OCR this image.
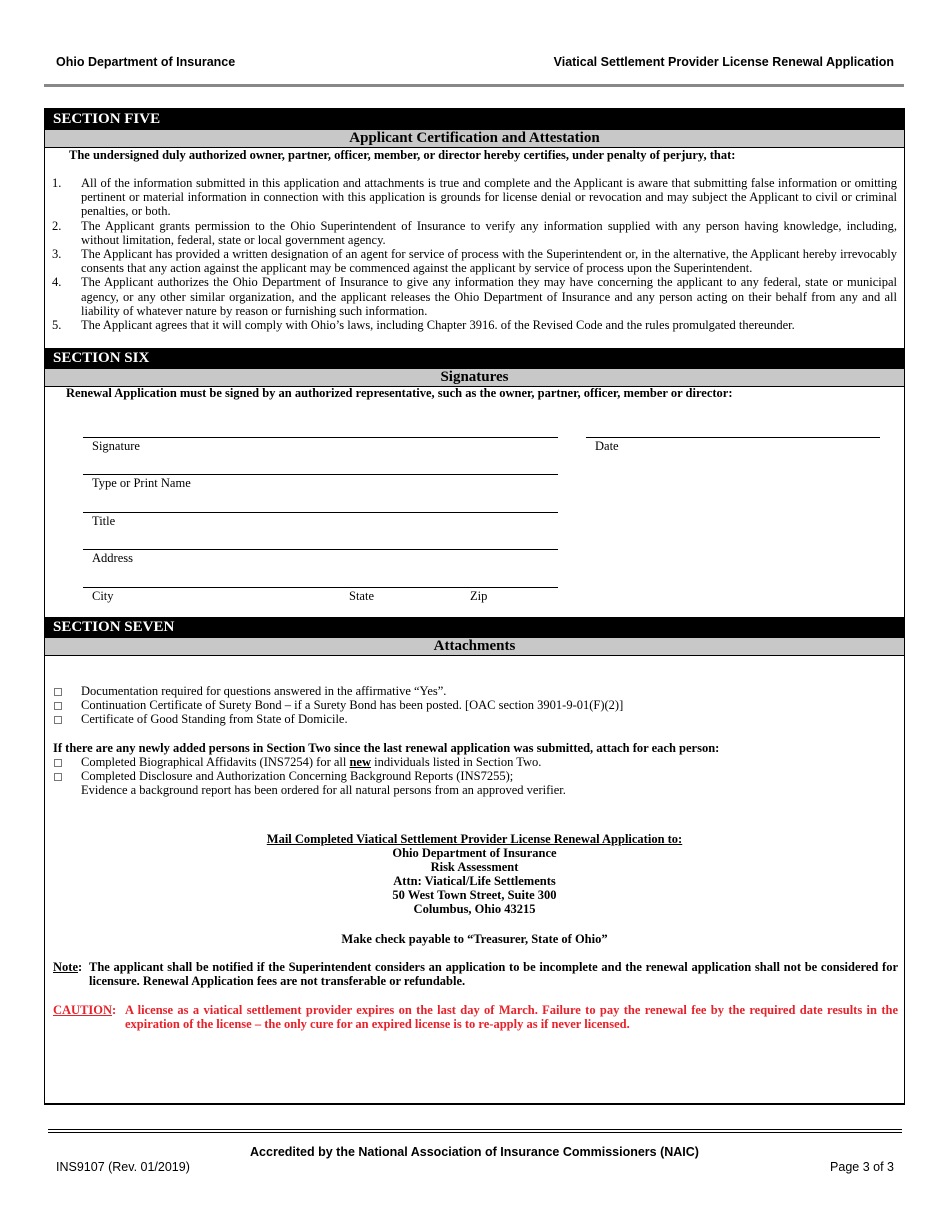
Ohio Department of Insurance	Viatical Settlement Provider License Renewal Application
SECTION FIVE
Applicant Certification and Attestation
The undersigned duly authorized owner, partner, officer, member, or director hereby certifies, under penalty of perjury, that:
1.	All of the information submitted in this application and attachments is true and complete and the Applicant is aware that submitting false information or omitting pertinent or material information in connection with this application is grounds for license denial or revocation and may subject the Applicant to civil or criminal penalties, or both.
2.	The Applicant grants permission to the Ohio Superintendent of Insurance to verify any information supplied with any person having knowledge, including, without limitation, federal, state or local government agency.
3.	The Applicant has provided a written designation of an agent for service of process with the Superintendent or, in the alternative, the Applicant hereby irrevocably consents that any action against the applicant may be commenced against the applicant by service of process upon the Superintendent.
4.	The Applicant authorizes the Ohio Department of Insurance to give any information they may have concerning the applicant to any federal, state or municipal agency, or any other similar organization, and the applicant releases the Ohio Department of Insurance and any person acting on their behalf from any and all liability of whatever nature by reason or furnishing such information.
5.	The Applicant agrees that it will comply with Ohio’s laws, including Chapter 3916. of the Revised Code and the rules promulgated thereunder.
SECTION SIX
Signatures
Renewal Application must be signed by an authorized representative, such as the owner, partner, officer, member or director:
Signature	Date
Type or Print Name
Title
Address
City	State	Zip
SECTION SEVEN
Attachments
Documentation required for questions answered in the affirmative “Yes”.
Continuation Certificate of Surety Bond – if a Surety Bond has been posted. [OAC section 3901-9-01(F)(2)]
Certificate of Good Standing from State of Domicile.
If there are any newly added persons in Section Two since the last renewal application was submitted, attach for each person:
Completed Biographical Affidavits (INS7254) for all new individuals listed in Section Two.
Completed Disclosure and Authorization Concerning Background Reports (INS7255);
Evidence a background report has been ordered for all natural persons from an approved verifier.
Mail Completed Viatical Settlement Provider License Renewal Application to:
Ohio Department of Insurance
Risk Assessment
Attn: Viatical/Life Settlements
50 West Town Street, Suite 300
Columbus, Ohio 43215
Make check payable to “Treasurer, State of Ohio”
Note: The applicant shall be notified if the Superintendent considers an application to be incomplete and the renewal application shall not be considered for licensure. Renewal Application fees are not transferable or refundable.
CAUTION: A license as a viatical settlement provider expires on the last day of March. Failure to pay the renewal fee by the required date results in the expiration of the license – the only cure for an expired license is to re-apply as if never licensed.
Accredited by the National Association of Insurance Commissioners (NAIC)
INS9107 (Rev. 01/2019)	Page 3 of 3
